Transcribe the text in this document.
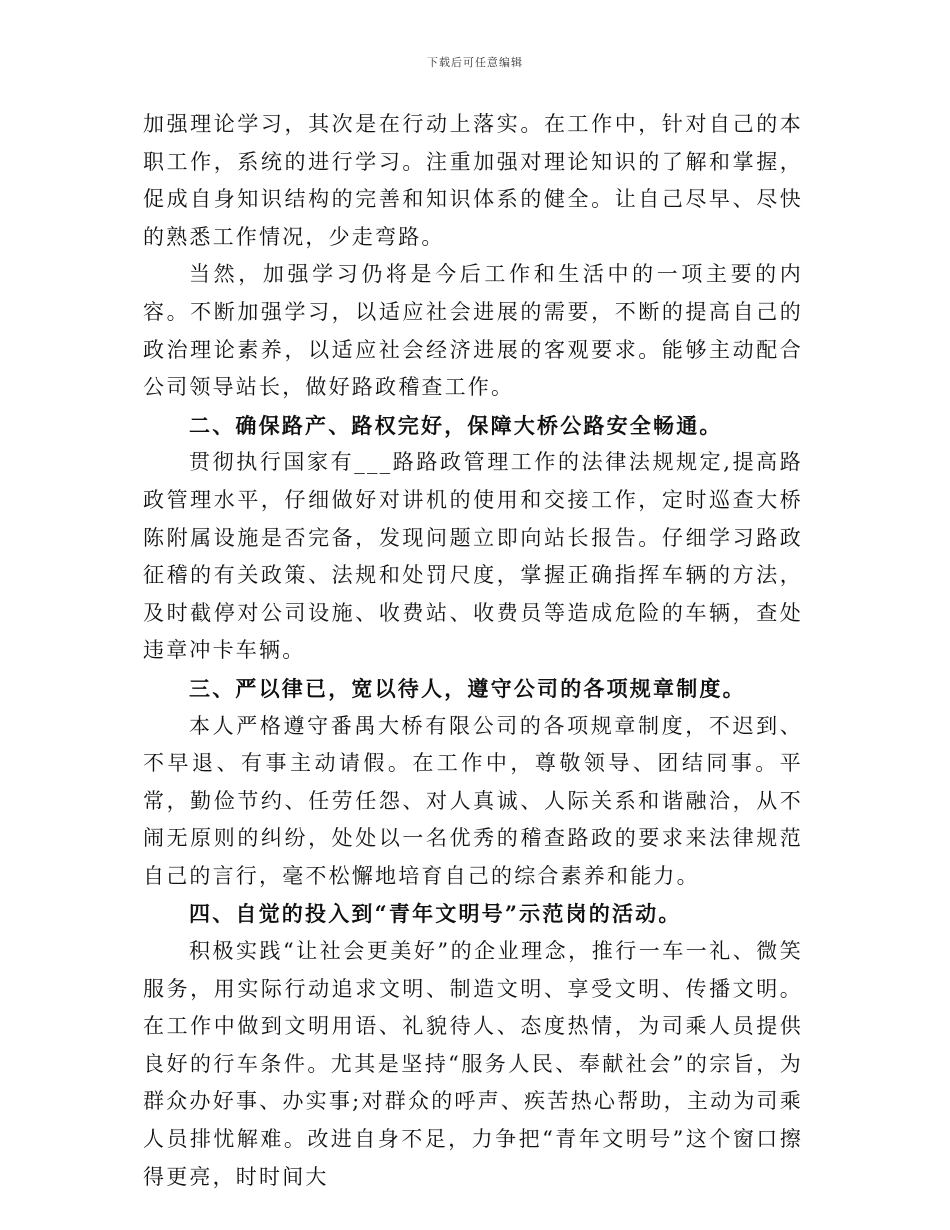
下载后可任意编辑

加强理论学习，其次是在行动上落实。在工作中，针对自己的本职工作，系统的进行学习。注重加强对理论知识的了解和掌握，促成自身知识结构的完善和知识体系的健全。让自己尽早、尽快的熟悉工作情况，少走弯路。

当然，加强学习仍将是今后工作和生活中的一项主要的内容。不断加强学习，以适应社会进展的需要，不断的提高自己的政治理论素养，以适应社会经济进展的客观要求。能够主动配合公司领导站长，做好路政稽查工作。

二、确保路产、路权完好，保障大桥公路安全畅通。

贯彻执行国家有___路路政管理工作的法律法规规定,提高路政管理水平，仔细做好对讲机的使用和交接工作，定时巡查大桥陈附属设施是否完备，发现问题立即向站长报告。仔细学习路政征稽的有关政策、法规和处罚尺度，掌握正确指挥车辆的方法，及时截停对公司设施、收费站、收费员等造成危险的车辆，查处违章冲卡车辆。

三、严以律已，宽以待人，遵守公司的各项规章制度。

本人严格遵守番禺大桥有限公司的各项规章制度，不迟到、不早退、有事主动请假。在工作中，尊敬领导、团结同事。平常，勤俭节约、任劳任怨、对人真诚、人际关系和谐融洽，从不闹无原则的纠纷，处处以一名优秀的稽查路政的要求来法律规范自己的言行，毫不松懈地培育自己的综合素养和能力。

四、自觉的投入到“青年文明号”示范岗的活动。

积极实践“让社会更美好”的企业理念，推行一车一礼、微笑服务，用实际行动追求文明、制造文明、享受文明、传播文明。在工作中做到文明用语、礼貌待人、态度热情，为司乘人员提供良好的行车条件。尤其是坚持“服务人民、奉献社会”的宗旨，为群众办好事、办实事;对群众的呼声、疾苦热心帮助，主动为司乘人员排忧解难。改进自身不足，力争把“青年文明号”这个窗口擦得更亮，时时间大
